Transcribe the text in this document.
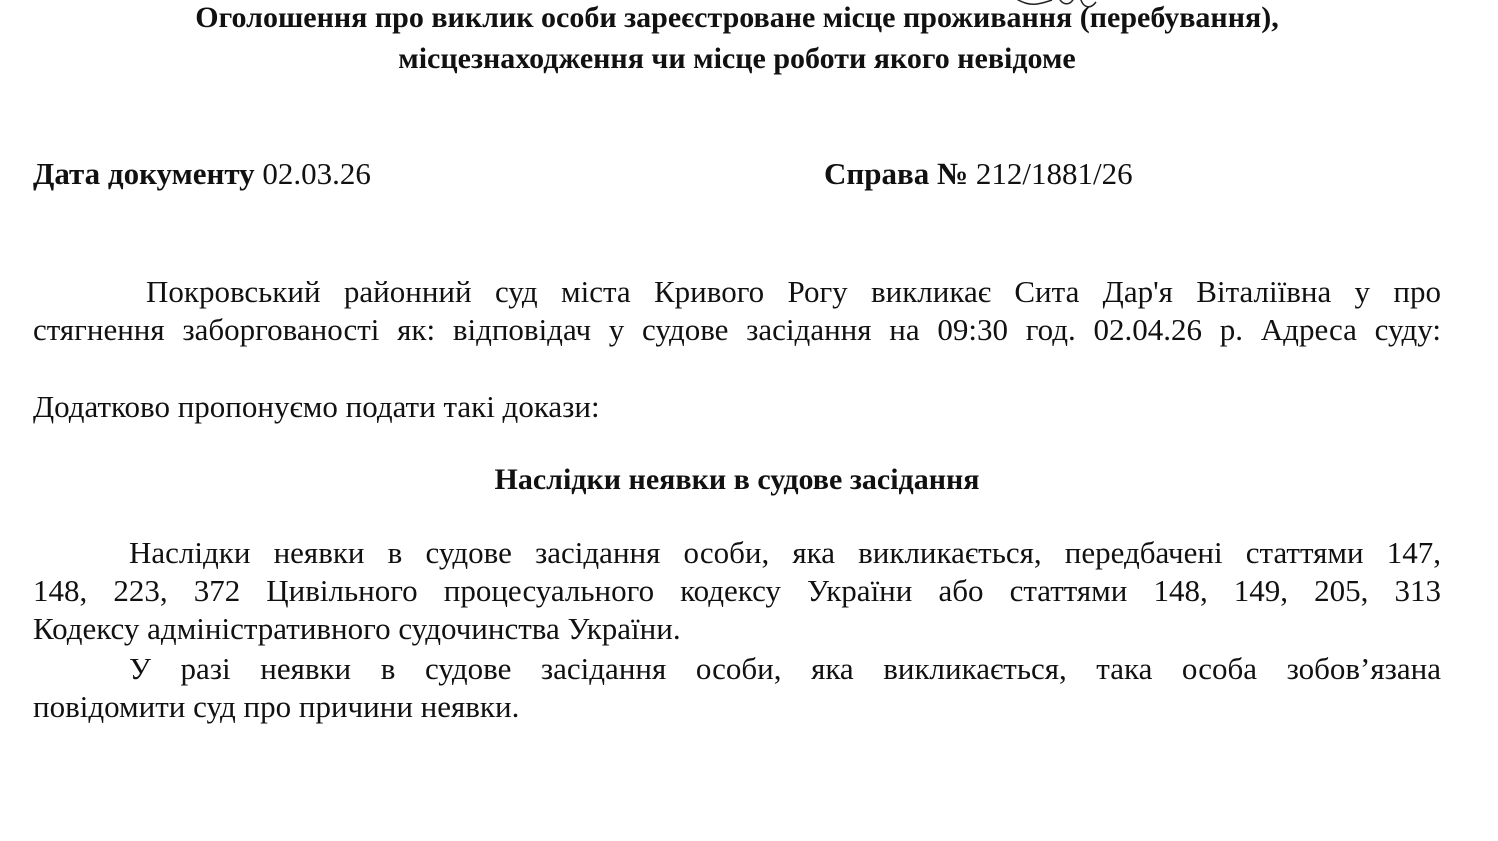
Оголошення про виклик особи зареєстроване місце проживання (перебування),
місцезнаходження чи місце роботи якого невідоме
Дата документу 02.03.26	Справа № 212/1881/26
Покровський районний суд міста Кривого Рогу викликає Сита Дар'я Віталіївна у про
стягнення заборгованості як: відповідач у судове засідання на 09:30 год. 02.04.26 р. Адреса суду:
Додатково пропонуємо подати такі докази:
Наслідки неявки в судове засідання
Наслідки неявки в судове засідання особи, яка викликається, передбачені статтями 147,
148, 223, 372 Цивільного процесуального кодексу України або статтями 148, 149, 205, 313
Кодексу адміністративного судочинства України.
У разі неявки в судове засідання особи, яка викликається, така особа зобов’язана
повідомити суд про причини неявки.
